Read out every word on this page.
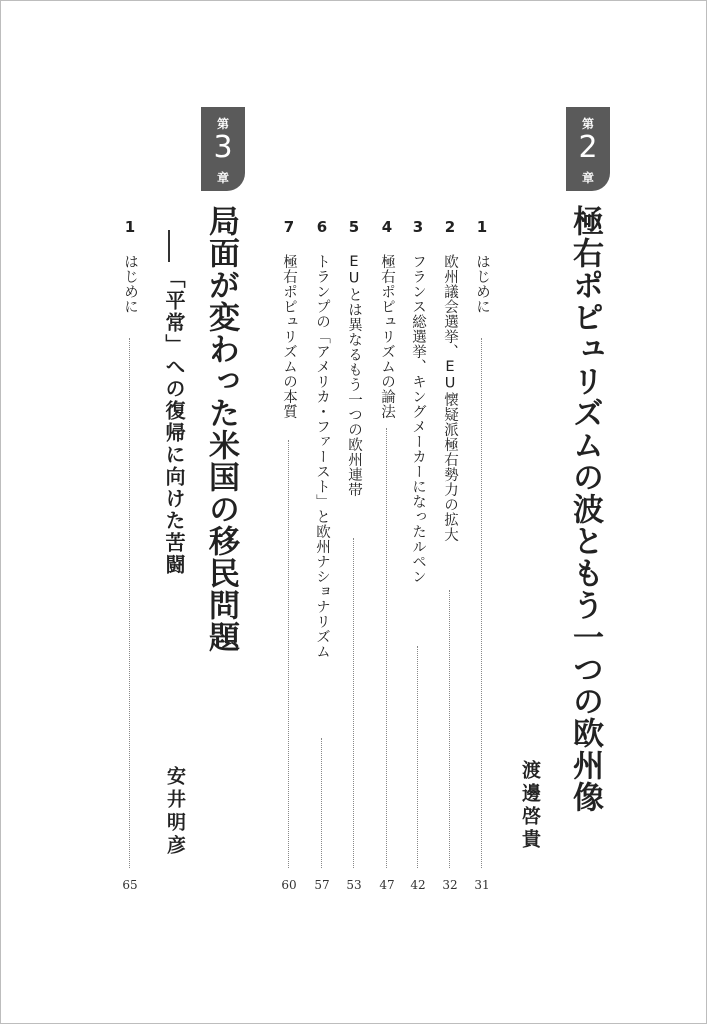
第
2
章
極右ポピュリズムの波ともう一つの欧州像
渡邊啓貴
1
はじめに
31
2
欧州議会選挙、EU懐疑派極右勢力の拡大
32
3
フランス総選挙、キングメーカーになったルペン
42
4
極右ポピュリズムの論法
47
5
EUとは異なるもう一つの欧州連帯
53
6
トランプの「アメリカ・ファースト」と欧州ナショナリズム
57
7
極右ポピュリズムの本質
60
第
3
章
局面が変わった米国の移民問題
「平常」への復帰に向けた苦闘
安井明彦
1
はじめに
65
